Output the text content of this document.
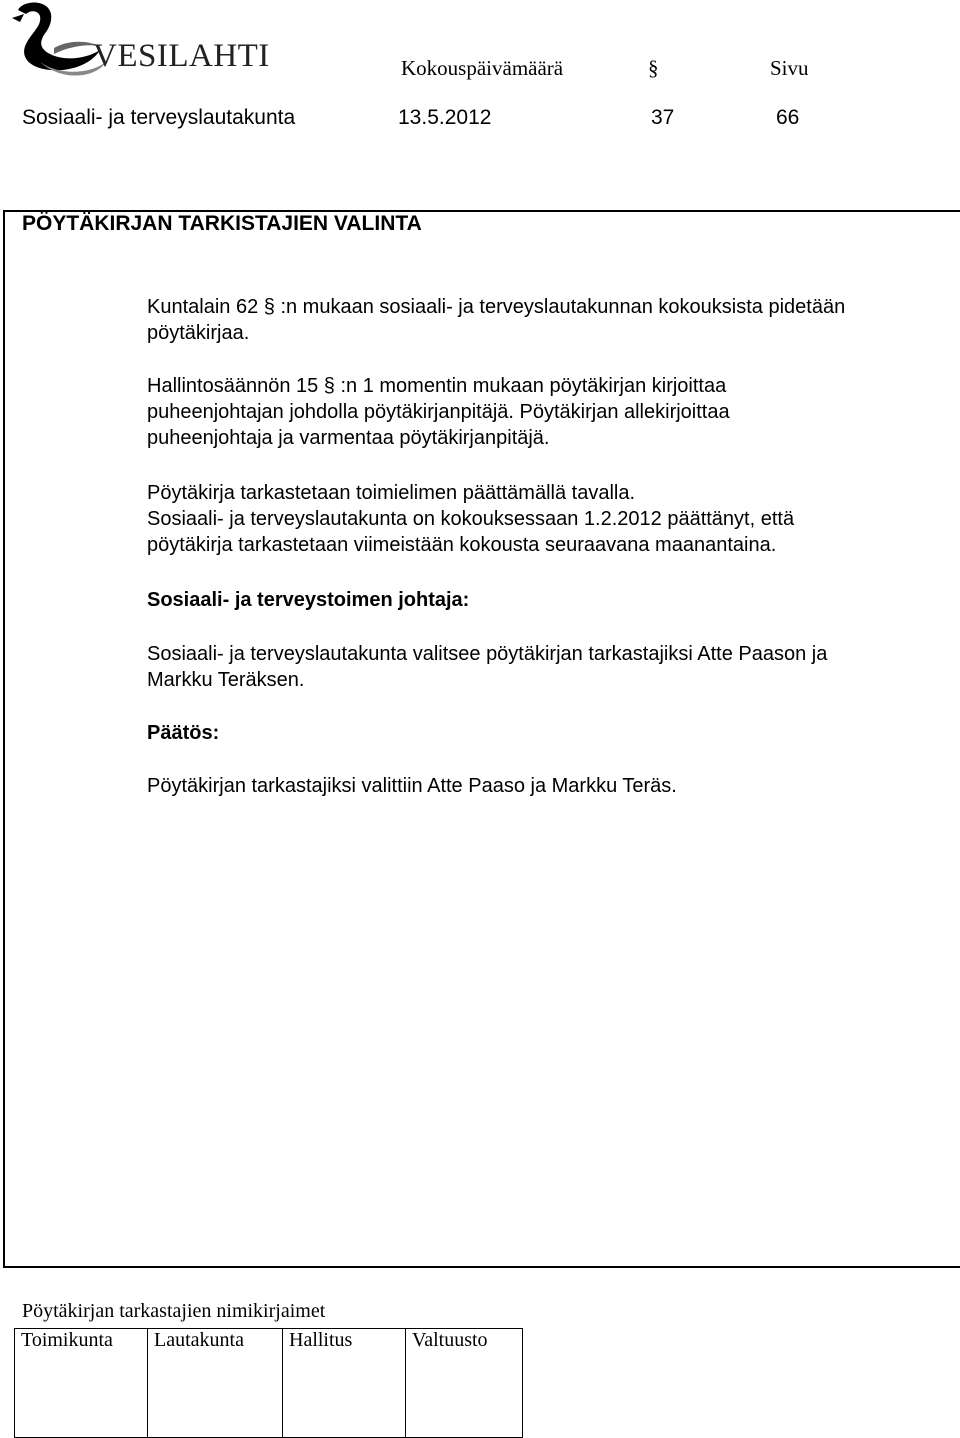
VESILAHTI	Kokouspäivämäärä	§	Sivu
Sosiaali- ja terveyslautakunta	13.5.2012	37	66
PÖYTÄKIRJAN TARKISTAJIEN VALINTA
Kuntalain 62 § :n mukaan sosiaali- ja terveyslautakunnan kokouksista pidetään
pöytäkirjaa.
Hallintosäännön 15 § :n 1 momentin mukaan pöytäkirjan kirjoittaa
puheenjohtajan johdolla pöytäkirjanpitäjä. Pöytäkirjan allekirjoittaa
puheenjohtaja ja varmentaa pöytäkirjanpitäjä.
Pöytäkirja tarkastetaan toimielimen päättämällä tavalla.
Sosiaali- ja terveyslautakunta on kokouksessaan 1.2.2012 päättänyt, että
pöytäkirja tarkastetaan viimeistään kokousta seuraavana maanantaina.
Sosiaali- ja terveystoimen johtaja:
Sosiaali- ja terveyslautakunta valitsee pöytäkirjan tarkastajiksi Atte Paason ja
Markku Teräksen.
Päätös:
Pöytäkirjan tarkastajiksi valittiin Atte Paaso ja Markku Teräs.
Pöytäkirjan tarkastajien nimikirjaimet
Toimikunta	Lautakunta	Hallitus	Valtuusto
